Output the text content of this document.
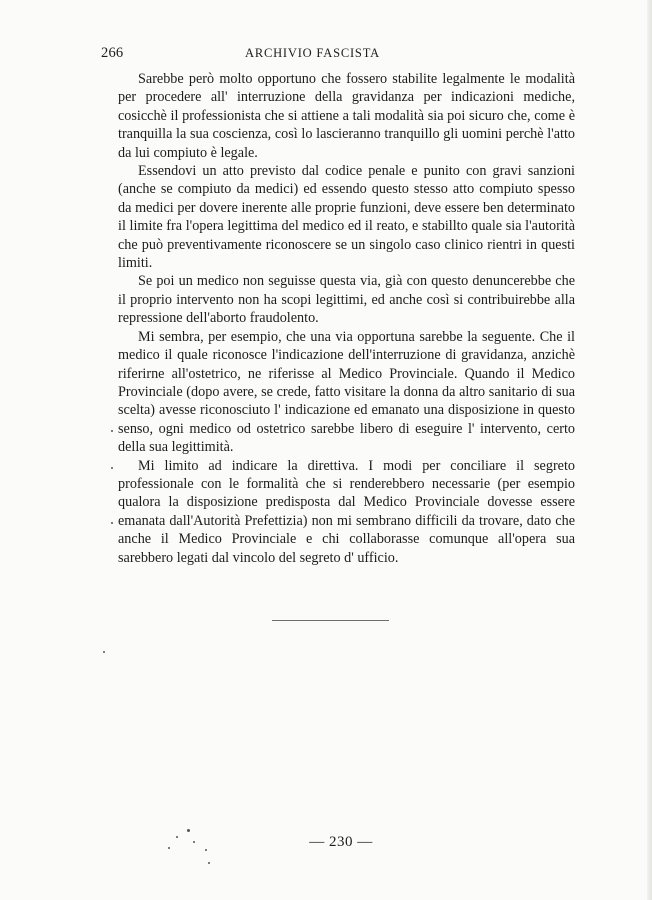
266	ARCHIVIO FASCISTA

Sarebbe però molto opportuno che fossero stabilite legalmente le modalità per procedere all' interruzione della gravidanza per indicazioni mediche, cosicchè il professionista che si attiene a tali modalità sia poi sicuro che, come è tranquilla la sua coscienza, così lo lascieranno tranquillo gli uomini perchè l'atto da lui compiuto è legale.

Essendovi un atto previsto dal codice penale e punito con gravi sanzioni (anche se compiuto da medici) ed essendo questo stesso atto compiuto spesso da medici per dovere inerente alle proprie funzioni, deve essere ben determinato il limite fra l'opera legittima del medico ed il reato, e stabillto quale sia l'autorità che può preventivamente riconoscere se un singolo caso clinico rientri in questi limiti.

Se poi un medico non seguisse questa via, già con questo denuncerebbe che il proprio intervento non ha scopi legittimi, ed anche così si contribuirebbe alla repressione dell'aborto fraudolento.

Mi sembra, per esempio, che una via opportuna sarebbe la seguente. Che il medico il quale riconosce l'indicazione dell'interruzione di gravidanza, anzichè riferirne all'ostetrico, ne riferisse al Medico Provinciale. Quando il Medico Provinciale (dopo avere, se crede, fatto visitare la donna da altro sanitario di sua scelta) avesse riconosciuto l' indicazione ed emanato una disposizione in questo senso, ogni medico od ostetrico sarebbe libero di eseguire l' intervento, certo della sua legittimità.

Mi limito ad indicare la direttiva. I modi per conciliare il segreto professionale con le formalità che si renderebbero necessarie (per esempio qualora la disposizione predisposta dal Medico Provinciale dovesse essere emanata dall'Autorità Prefettizia) non mi sembrano difficili da trovare, dato che anche il Medico Provinciale e chi collaborasse comunque all'opera sua sarebbero legati dal vincolo del segreto d' ufficio.

— 230 —
